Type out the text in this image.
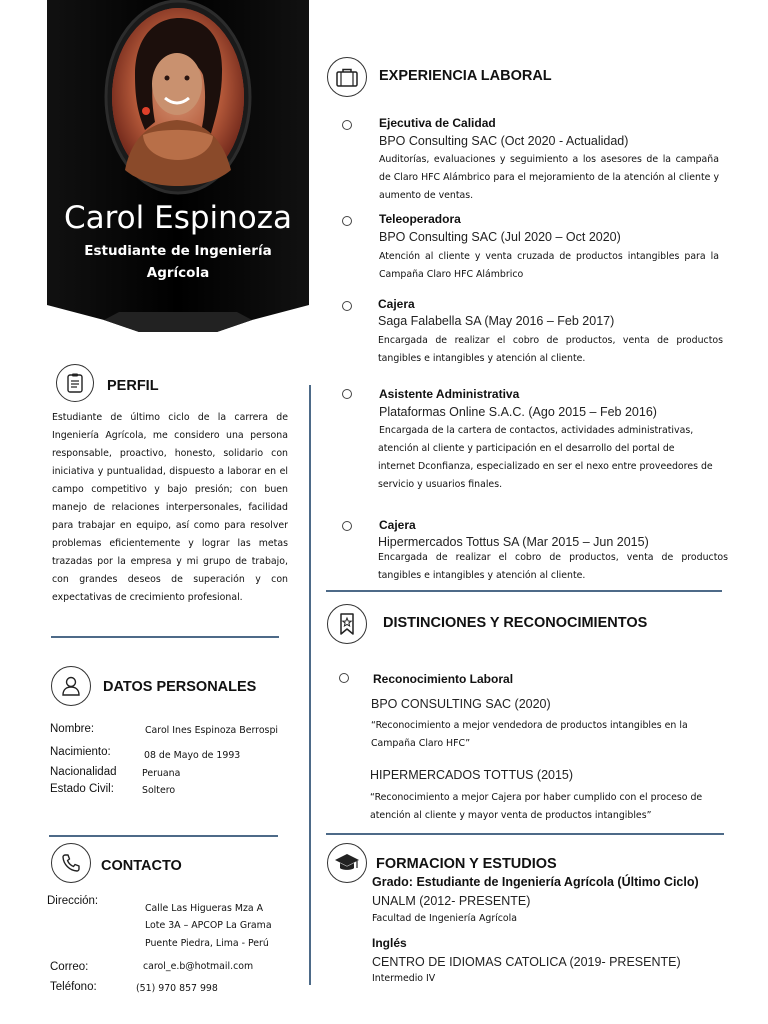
Carol Espinoza
Estudiante de Ingeniería
Agrícola
PERFIL
Estudiante de último ciclo de la carrera de Ingeniería Agrícola, me considero una persona responsable, proactivo, honesto, solidario con iniciativa y puntualidad, dispuesto a laborar en el campo competitivo y bajo presión; con buen manejo de relaciones interpersonales, facilidad para trabajar en equipo, así como para resolver problemas eficientemente y lograr las metas trazadas por la empresa y mi grupo de trabajo, con grandes deseos de superación y con expectativas de crecimiento profesional.
DATOS PERSONALES
Nombre:	Carol Ines Espinoza Berrospi
Nacimiento:	08 de Mayo de 1993
Nacionalidad	Peruana
Estado Civil:	Soltero
CONTACTO
Dirección:
Calle Las Higueras Mza A
Lote 3A – APCOP La Grama
Puente Piedra, Lima - Perú
Correo:	carol_e.b@hotmail.com
Teléfono:	(51) 970 857 998
EXPERIENCIA LABORAL
Ejecutiva de Calidad
BPO Consulting SAC (Oct 2020 - Actualidad)
Auditorías, evaluaciones y seguimiento a los asesores de la campaña de Claro HFC Alámbrico para el mejoramiento de la atención al cliente y aumento de ventas.
Teleoperadora
BPO Consulting SAC (Jul 2020 – Oct 2020)
Atención al cliente y venta cruzada de productos intangibles para la Campaña Claro HFC Alámbrico
Cajera
Saga Falabella SA (May 2016 – Feb 2017)
Encargada de realizar el cobro de productos, venta de productos tangibles e intangibles y atención al cliente.
Asistente Administrativa
Plataformas Online S.A.C. (Ago 2015 – Feb 2016)
Encargada de la cartera de contactos, actividades administrativas,
atención al cliente y participación en el desarrollo del portal de
internet Dconfianza, especializado en ser el nexo entre proveedores de
servicio y usuarios finales.
Cajera
Hipermercados Tottus SA (Mar 2015 – Jun 2015)
Encargada de realizar el cobro de productos, venta de productos tangibles e intangibles y atención al cliente.
DISTINCIONES Y RECONOCIMIENTOS
Reconocimiento Laboral
BPO CONSULTING SAC (2020)
“Reconocimiento a mejor vendedora de productos intangibles en la Campaña Claro HFC”
HIPERMERCADOS TOTTUS (2015)
“Reconocimiento a mejor Cajera por haber cumplido con el proceso de atención al cliente y mayor venta de productos intangibles”
FORMACION Y ESTUDIOS
Grado: Estudiante de Ingeniería Agrícola (Último Ciclo)
UNALM (2012- PRESENTE)
Facultad de Ingeniería Agrícola
Inglés
CENTRO DE IDIOMAS CATOLICA (2019- PRESENTE)
Intermedio IV
